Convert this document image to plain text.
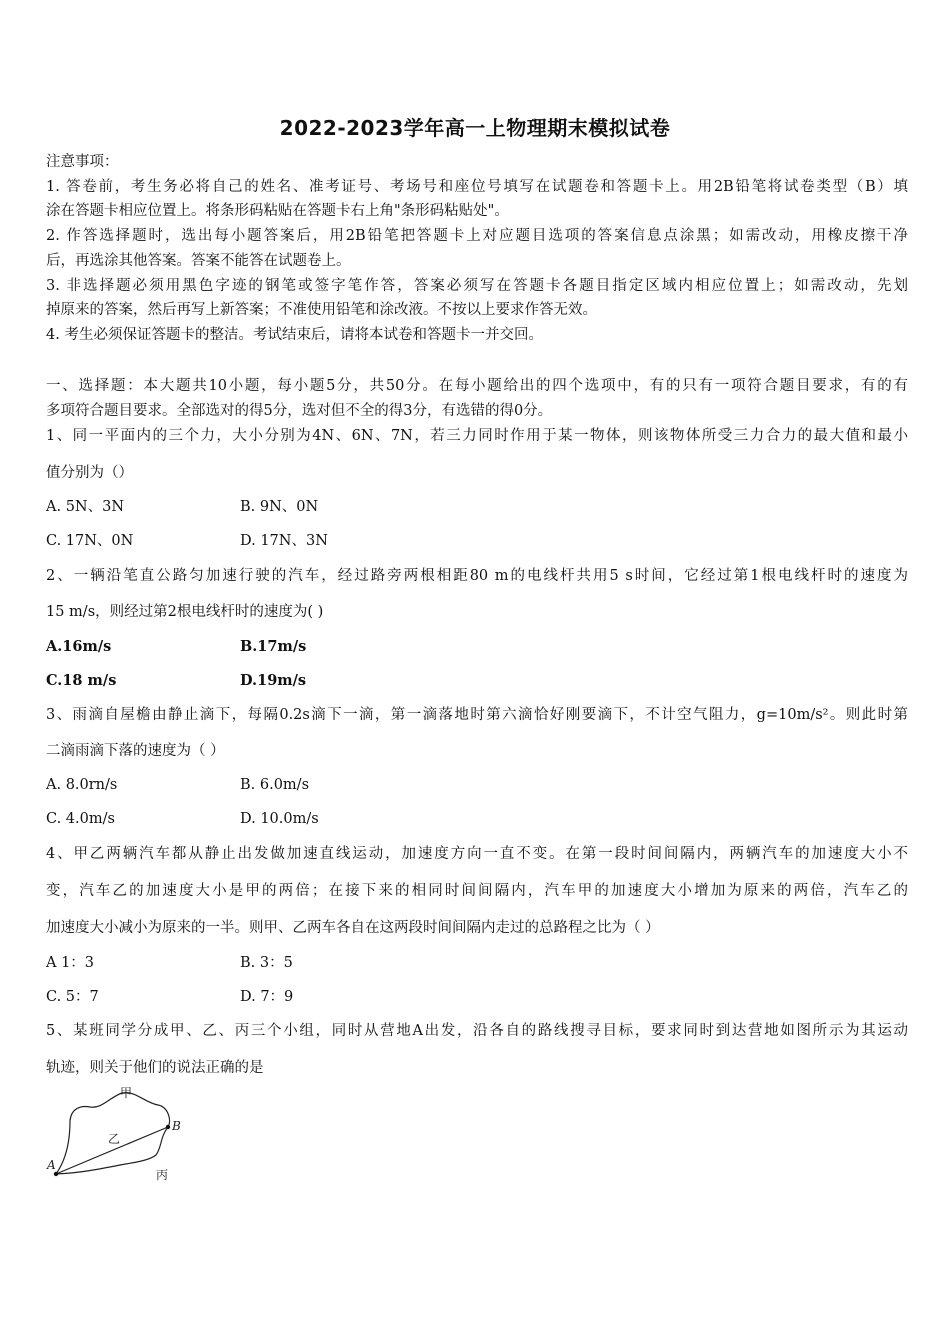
2022-2023学年高一上物理期末模拟试卷
注意事项：
1. 答卷前，考生务必将自己的姓名、准考证号、考场号和座位号填写在试题卷和答题卡上。用2B铅笔将试卷类型（B）填
涂在答题卡相应位置上。将条形码粘贴在答题卡右上角"条形码粘贴处"。
2. 作答选择题时，选出每小题答案后，用2B铅笔把答题卡上对应题目选项的答案信息点涂黑；如需改动，用橡皮擦干净
后，再选涂其他答案。答案不能答在试题卷上。
3. 非选择题必须用黑色字迹的钢笔或签字笔作答，答案必须写在答题卡各题目指定区域内相应位置上；如需改动，先划
掉原来的答案，然后再写上新答案；不准使用铅笔和涂改液。不按以上要求作答无效。
4. 考生必须保证答题卡的整洁。考试结束后，请将本试卷和答题卡一并交回。
一、选择题：本大题共10小题，每小题5分，共50分。在每小题给出的四个选项中，有的只有一项符合题目要求，有的有
多项符合题目要求。全部选对的得5分，选对但不全的得3分，有选错的得0分。
1、同一平面内的三个力，大小分别为4N、6N、7N，若三力同时作用于某一物体，则该物体所受三力合力的最大值和最小
值分别为（）
A. 5N、3N	B. 9N、0N
C. 17N、0N	D. 17N、3N
2、一辆沿笔直公路匀加速行驶的汽车，经过路旁两根相距80 m的电线杆共用5 s时间，它经过第1根电线杆时的速度为
15 m/s，则经过第2根电线杆时的速度为( )
A.16m/s	B.17m/s
C.18 m/s	D.19m/s
3、雨滴自屋檐由静止滴下，每隔0.2s滴下一滴，第一滴落地时第六滴恰好刚要滴下，不计空气阻力，g=10m/s²。则此时第
二滴雨滴下落的速度为（ ）
A. 8.0rn/s	B. 6.0m/s
C. 4.0m/s	D. 10.0m/s
4、甲乙两辆汽车都从静止出发做加速直线运动，加速度方向一直不变。在第一段时间间隔内，两辆汽车的加速度大小不
变，汽车乙的加速度大小是甲的两倍；在接下来的相同时间间隔内，汽车甲的加速度大小增加为原来的两倍，汽车乙的
加速度大小减小为原来的一半。则甲、乙两车各自在这两段时间间隔内走过的总路程之比为（ ）
A 1：3	B. 3：5
C. 5：7	D. 7：9
5、某班同学分成甲、乙、丙三个小组，同时从营地A出发，沿各自的路线搜寻目标，要求同时到达营地如图所示为其运动
轨迹，则关于他们的说法正确的是
甲
乙
丙
A
B
